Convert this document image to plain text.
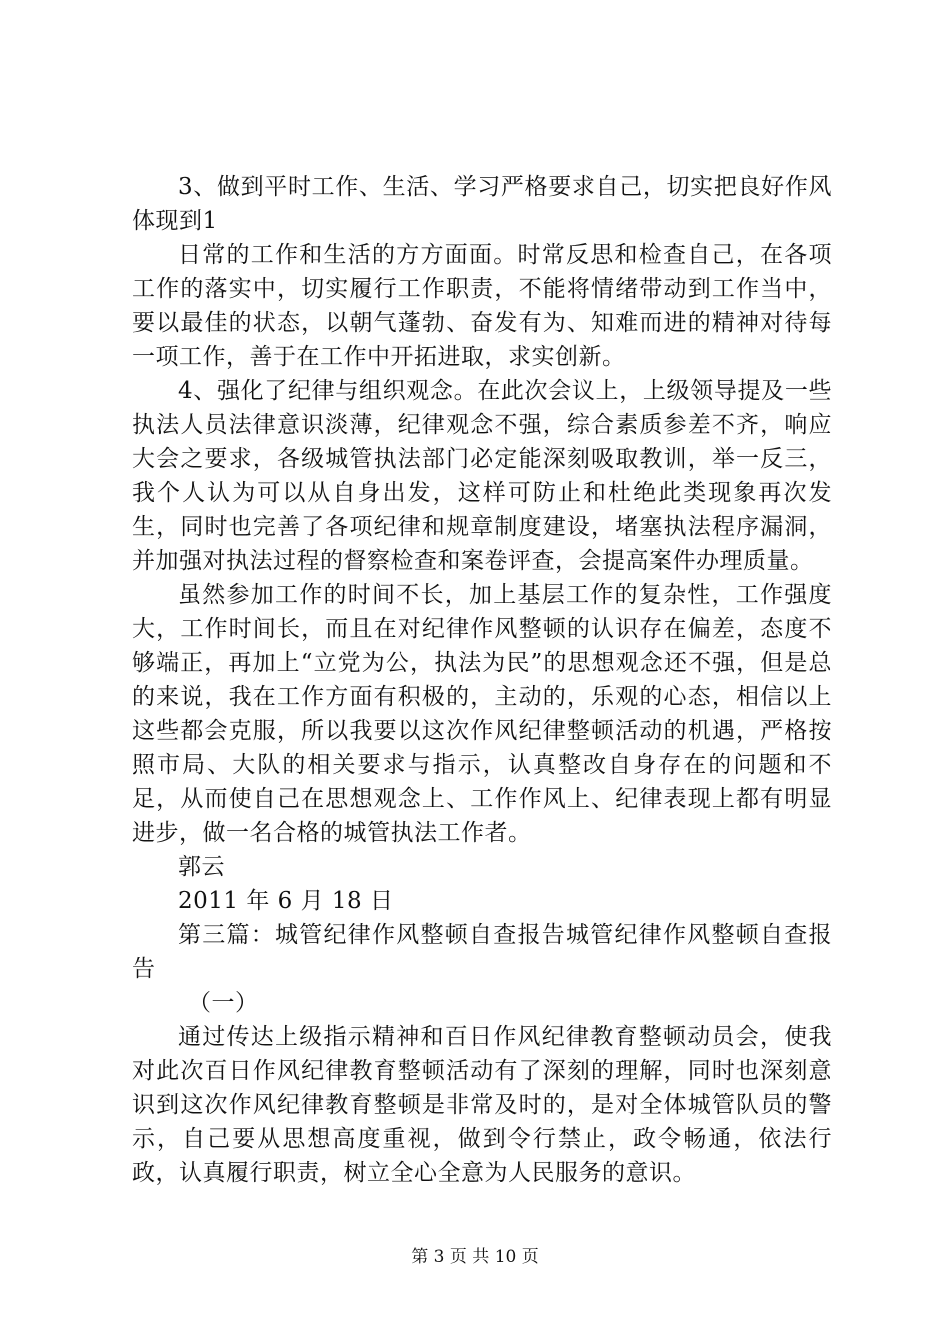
3、做到平时工作、生活、学习严格要求自己，切实把良好作风体现到1

日常的工作和生活的方方面面。时常反思和检查自己，在各项工作的落实中，切实履行工作职责，不能将情绪带动到工作当中，要以最佳的状态，以朝气蓬勃、奋发有为、知难而进的精神对待每一项工作，善于在工作中开拓进取，求实创新。

4、强化了纪律与组织观念。在此次会议上，上级领导提及一些执法人员法律意识淡薄，纪律观念不强，综合素质参差不齐，响应大会之要求，各级城管执法部门必定能深刻吸取教训，举一反三，我个人认为可以从自身出发，这样可防止和杜绝此类现象再次发生，同时也完善了各项纪律和规章制度建设，堵塞执法程序漏洞，并加强对执法过程的督察检查和案卷评查，会提高案件办理质量。

虽然参加工作的时间不长，加上基层工作的复杂性，工作强度大，工作时间长，而且在对纪律作风整顿的认识存在偏差，态度不够端正，再加上“立党为公，执法为民”的思想观念还不强，但是总的来说，我在工作方面有积极的，主动的，乐观的心态，相信以上这些都会克服，所以我要以这次作风纪律整顿活动的机遇，严格按照市局、大队的相关要求与指示，认真整改自身存在的问题和不足，从而使自己在思想观念上、工作作风上、纪律表现上都有明显进步，做一名合格的城管执法工作者。

郭云

2011 年 6 月 18 日

第三篇：城管纪律作风整顿自查报告城管纪律作风整顿自查报告

（一）

通过传达上级指示精神和百日作风纪律教育整顿动员会，使我对此次百日作风纪律教育整顿活动有了深刻的理解，同时也深刻意识到这次作风纪律教育整顿是非常及时的，是对全体城管队员的警示，自己要从思想高度重视，做到令行禁止，政令畅通，依法行政，认真履行职责，树立全心全意为人民服务的意识。

第 3 页 共 10 页
